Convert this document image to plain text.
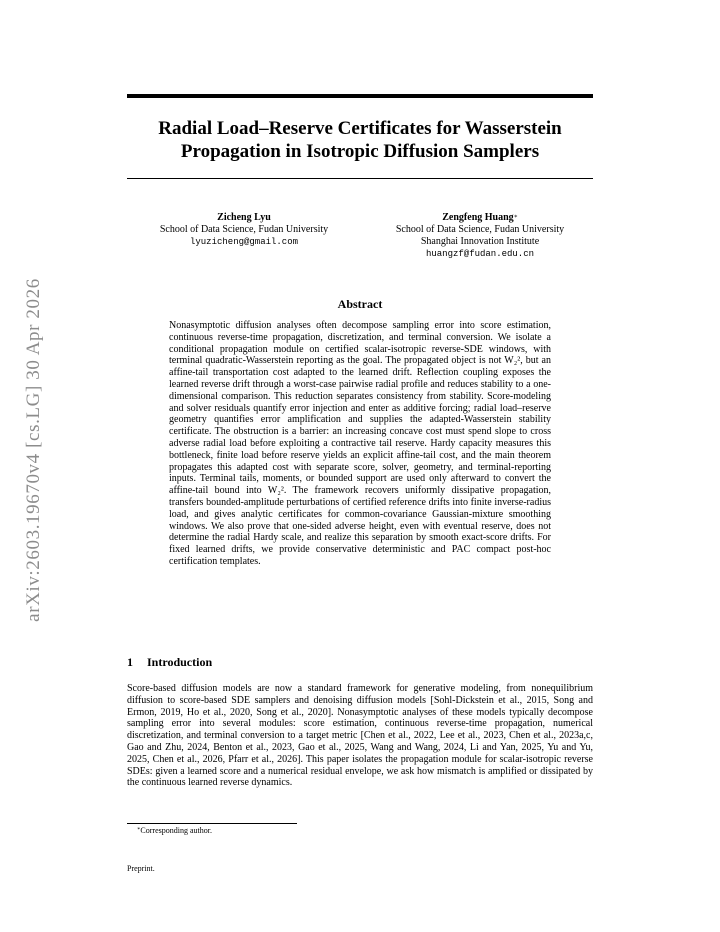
arXiv:2603.19670v4 [cs.LG] 30 Apr 2026
Radial Load–Reserve Certificates for Wasserstein
Propagation in Isotropic Diffusion Samplers
Zicheng Lyu
School of Data Science, Fudan University
lyuzicheng@gmail.com
Zengfeng Huang∗
School of Data Science, Fudan University
Shanghai Innovation Institute
huangzf@fudan.edu.cn
Abstract
Nonasymptotic diffusion analyses often decompose sampling error into score estimation, continuous reverse-time propagation, discretization, and terminal conversion. We isolate a conditional propagation module on certified scalar-isotropic reverse-SDE windows, with terminal quadratic-Wasserstein reporting as the goal. The propagated object is not W₂², but an affine-tail transportation cost adapted to the learned drift. Reflection coupling exposes the learned reverse drift through a worst-case pairwise radial profile and reduces stability to a one-dimensional comparison. This reduction separates consistency from stability. Score-modeling and solver residuals quantify error injection and enter as additive forcing; radial load–reserve geometry quantifies error amplification and supplies the adapted-Wasserstein stability certificate. The obstruction is a barrier: an increasing concave cost must spend slope to cross adverse radial load before exploiting a contractive tail reserve. Hardy capacity measures this bottleneck, finite load before reserve yields an explicit affine-tail cost, and the main theorem propagates this adapted cost with separate score, solver, geometry, and terminal-reporting inputs. Terminal tails, moments, or bounded support are used only afterward to convert the affine-tail bound into W₂². The framework recovers uniformly dissipative propagation, transfers bounded-amplitude perturbations of certified reference drifts into finite inverse-radius load, and gives analytic certificates for common-covariance Gaussian-mixture smoothing windows. We also prove that one-sided adverse height, even with eventual reserve, does not determine the radial Hardy scale, and realize this separation by smooth exact-score drifts. For fixed learned drifts, we provide conservative deterministic and PAC compact post-hoc certification templates.
1 Introduction
Score-based diffusion models are now a standard framework for generative modeling, from nonequilibrium diffusion to score-based SDE samplers and denoising diffusion models [Sohl-Dickstein et al., 2015, Song and Ermon, 2019, Ho et al., 2020, Song et al., 2020]. Nonasymptotic analyses of these models typically decompose sampling error into several modules: score estimation, continuous reverse-time propagation, numerical discretization, and terminal conversion to a target metric [Chen et al., 2022, Lee et al., 2023, Chen et al., 2023a,c, Gao and Zhu, 2024, Benton et al., 2023, Gao et al., 2025, Wang and Wang, 2024, Li and Yan, 2025, Yu and Yu, 2025, Chen et al., 2026, Pfarr et al., 2026]. This paper isolates the propagation module for scalar-isotropic reverse SDEs: given a learned score and a numerical residual envelope, we ask how mismatch is amplified or dissipated by the continuous learned reverse dynamics.
∗Corresponding author.
Preprint.
